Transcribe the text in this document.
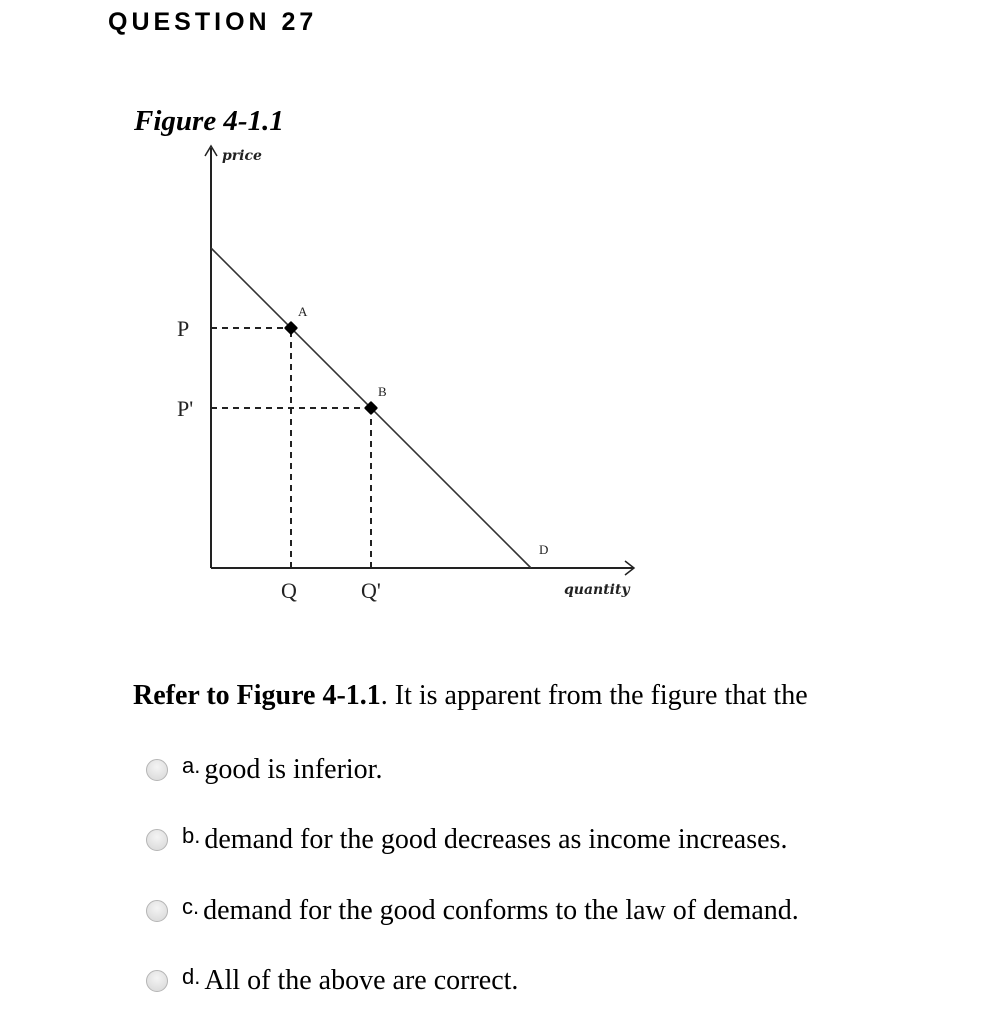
QUESTION 27
Figure 4-1.1
price
quantity
A
B
P
P'
Q	Q'
D
Refer to Figure 4-1.1. It is apparent from the figure that the
a. good is inferior.
b. demand for the good decreases as income increases.
c. demand for the good conforms to the law of demand.
d. All of the above are correct.
